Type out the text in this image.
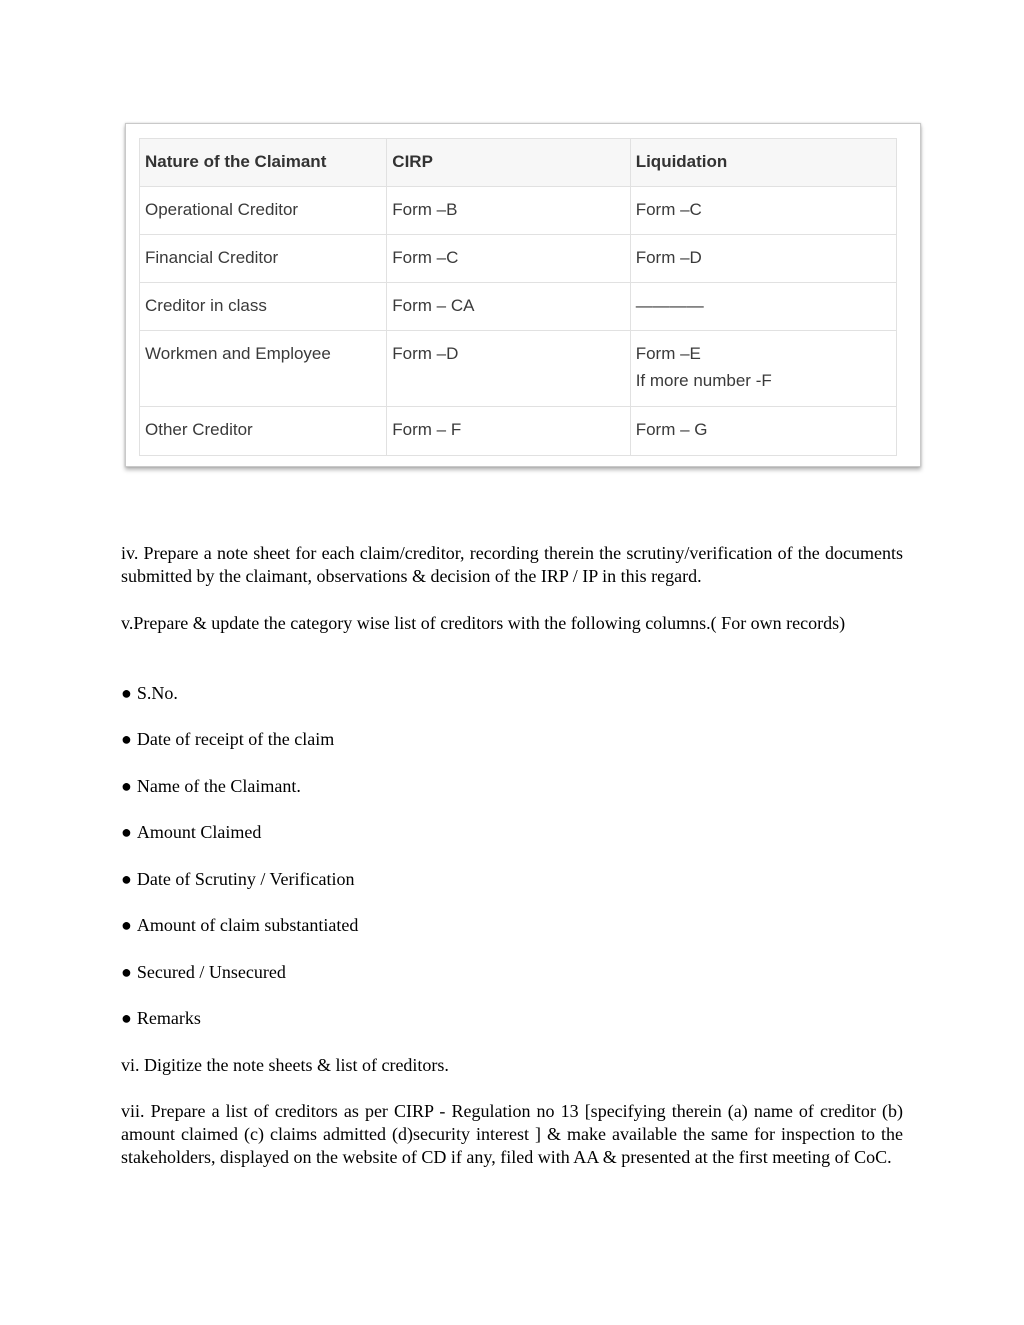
Nature of the Claimant	CIRP	Liquidation
Operational Creditor	Form –B	Form –C
Financial Creditor	Form –C	Form –D
Creditor in class	Form – CA	————
Workmen and Employee	Form –D	Form –E
If more number -F

Other Creditor	Form – F	Form – G

iv. Prepare a note sheet for each claim/creditor, recording therein the scrutiny/verification of the documents submitted by the claimant, observations & decision of the IRP / IP in this regard.

v.Prepare & update the category wise list of creditors with the following columns.( For own records)

● S.No.

● Date of receipt of the claim

● Name of the Claimant.

● Amount Claimed

● Date of Scrutiny / Verification

● Amount of claim substantiated

● Secured / Unsecured

● Remarks

vi. Digitize the note sheets & list of creditors.

vii. Prepare a list of creditors as per CIRP - Regulation no 13 [specifying therein (a) name of creditor (b) amount claimed (c) claims admitted (d)security interest ] & make available the same for inspection to the stakeholders, displayed on the website of CD if any, filed with AA & presented at the first meeting of CoC.
